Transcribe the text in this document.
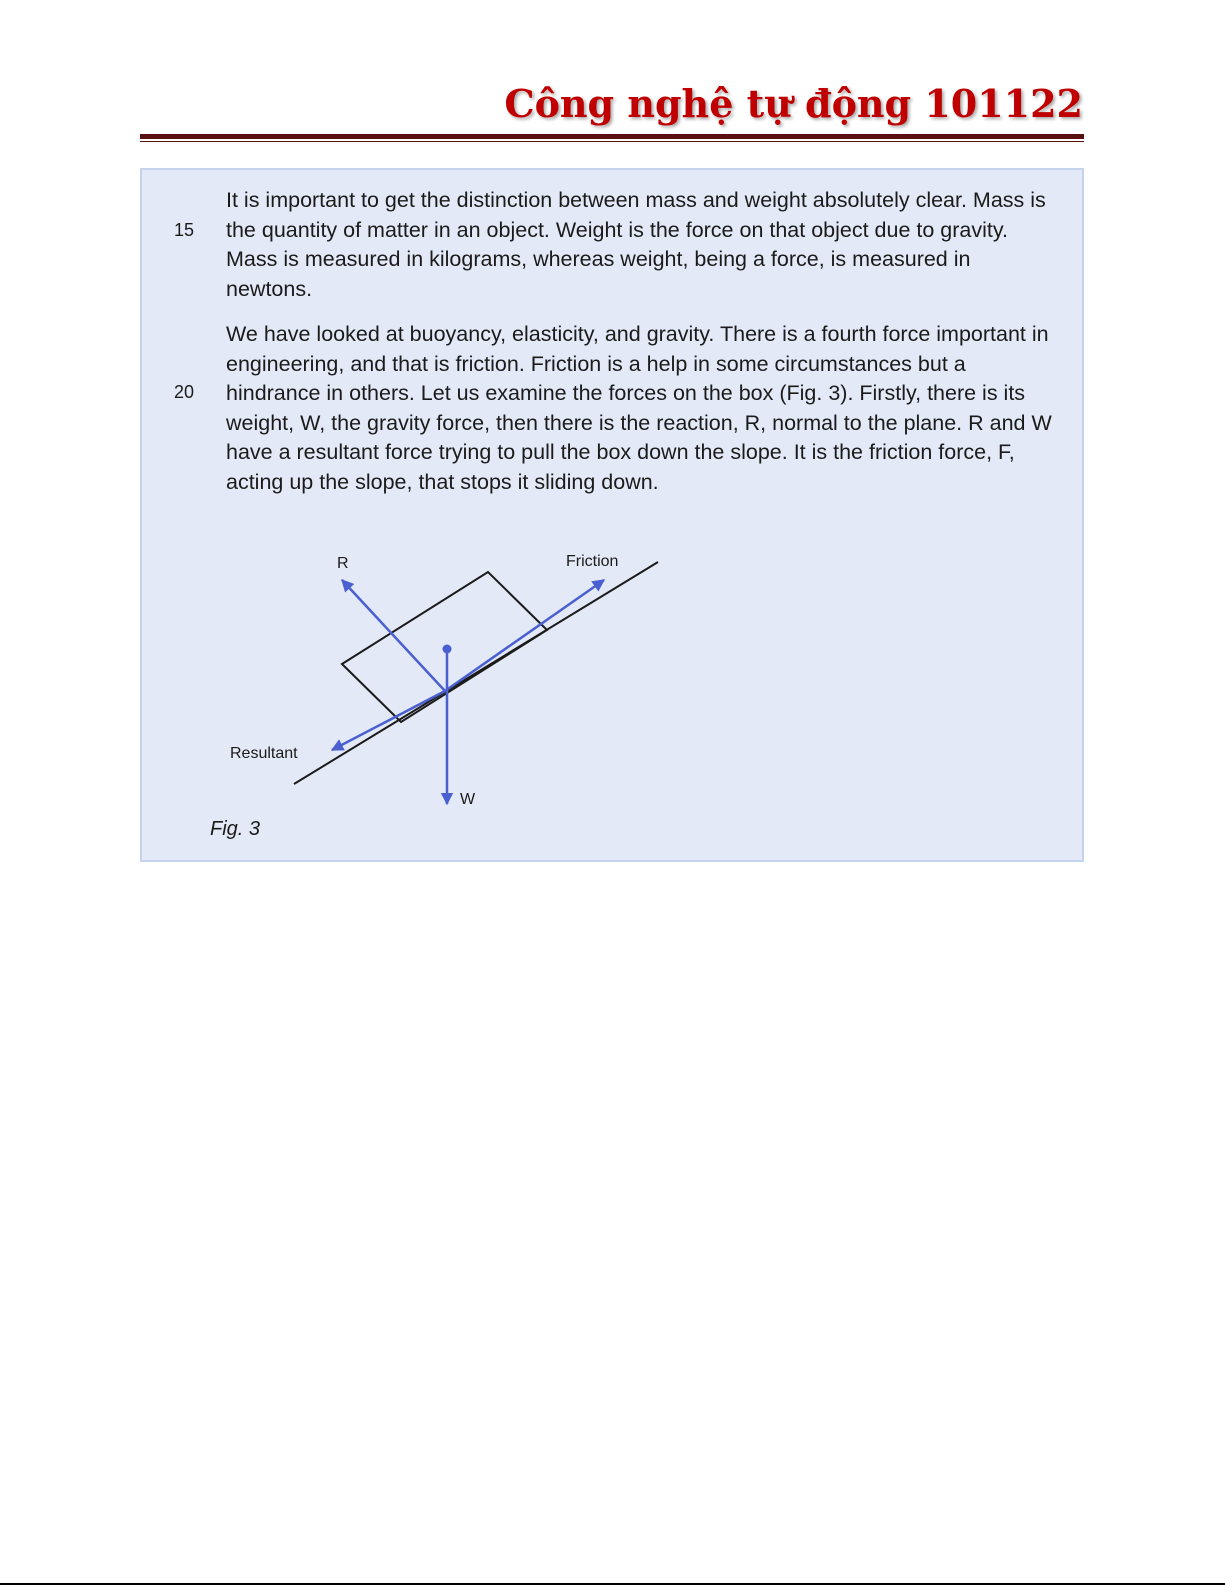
Công nghệ tự động 101122
15
20

It is important to get the distinction between mass and weight absolutely clear. Mass is the quantity of matter in an object. Weight is the force on that object due to gravity. Mass is measured in kilograms, whereas weight, being a force, is measured in newtons.

We have looked at buoyancy, elasticity, and gravity. There is a fourth force important in engineering, and that is friction. Friction is a help in some circumstances but a hindrance in others. Let us examine the forces on the box (Fig. 3). Firstly, there is its weight, W, the gravity force, then there is the reaction, R, normal to the plane. R and W have a resultant force trying to pull the box down the slope. It is the friction force, F, acting up the slope, that stops it sliding down.

R	Friction
Resultant
W
Fig. 3
